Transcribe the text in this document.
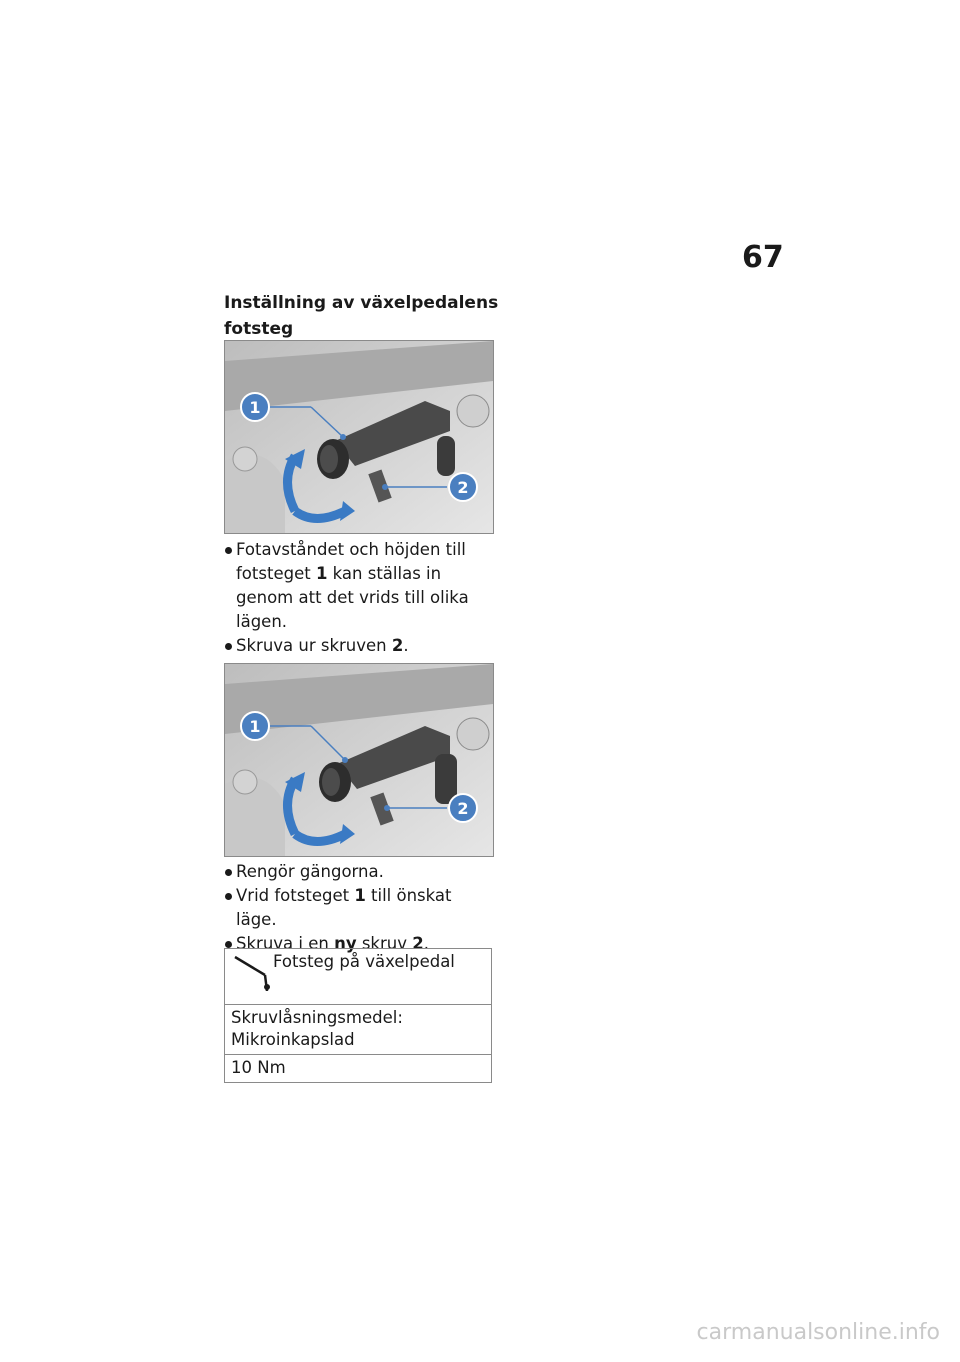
67
Inställning av växelpedalens fotsteg
1
2
Fotavståndet och höjden till fotsteget 1 kan ställas in genom att det vrids till olika lägen.
Skruva ur skruven 2.
1
2
Rengör gängorna.
Vrid fotsteget 1 till önskat läge.
Skruva i en ny skruv 2.
Fotsteg på växelpedal
Skruvlåsningsmedel: Mikroinkapslad
10 Nm
carmanualsonline.info
